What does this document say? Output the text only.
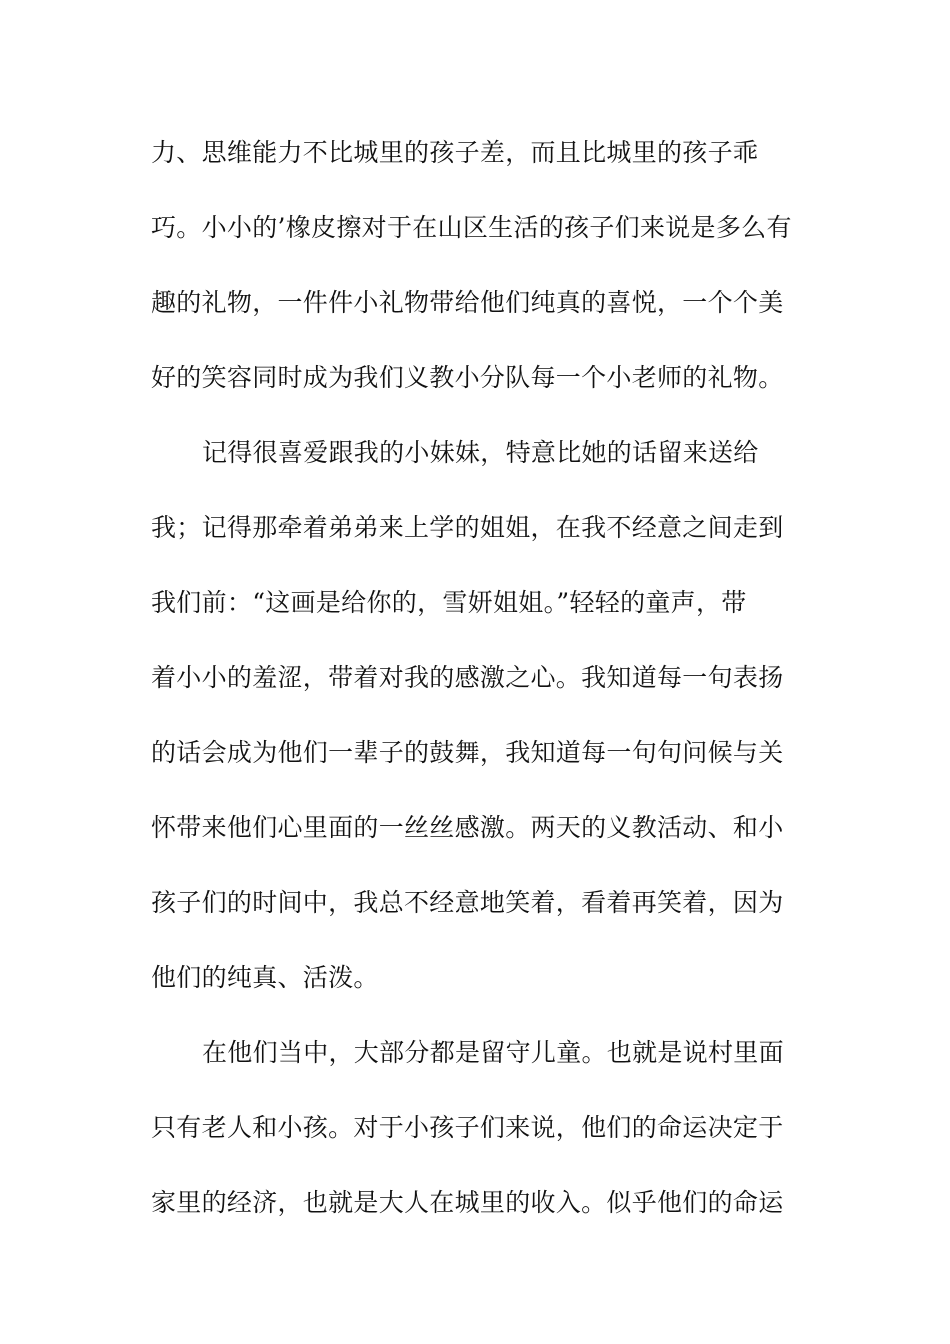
力、思维能力不比城里的孩子差，而且比城里的孩子乖
巧。小小的’橡皮擦对于在山区生活的孩子们来说是多么有
趣的礼物，一件件小礼物带给他们纯真的喜悦，一个个美
好的笑容同时成为我们义教小分队每一个小老师的礼物。
记得很喜爱跟我的小妹妹，特意比她的话留来送给
我；记得那牵着弟弟来上学的姐姐，在我不经意之间走到
我们前：“这画是给你的，雪妍姐姐。”轻轻的童声，带
着小小的羞涩，带着对我的感激之心。我知道每一句表扬
的话会成为他们一辈子的鼓舞，我知道每一句句问候与关
怀带来他们心里面的一丝丝感激。两天的义教活动、和小
孩子们的时间中，我总不经意地笑着，看着再笑着，因为
他们的纯真、活泼。
在他们当中，大部分都是留守儿童。也就是说村里面
只有老人和小孩。对于小孩子们来说，他们的命运决定于
家里的经济，也就是大人在城里的收入。似乎他们的命运
